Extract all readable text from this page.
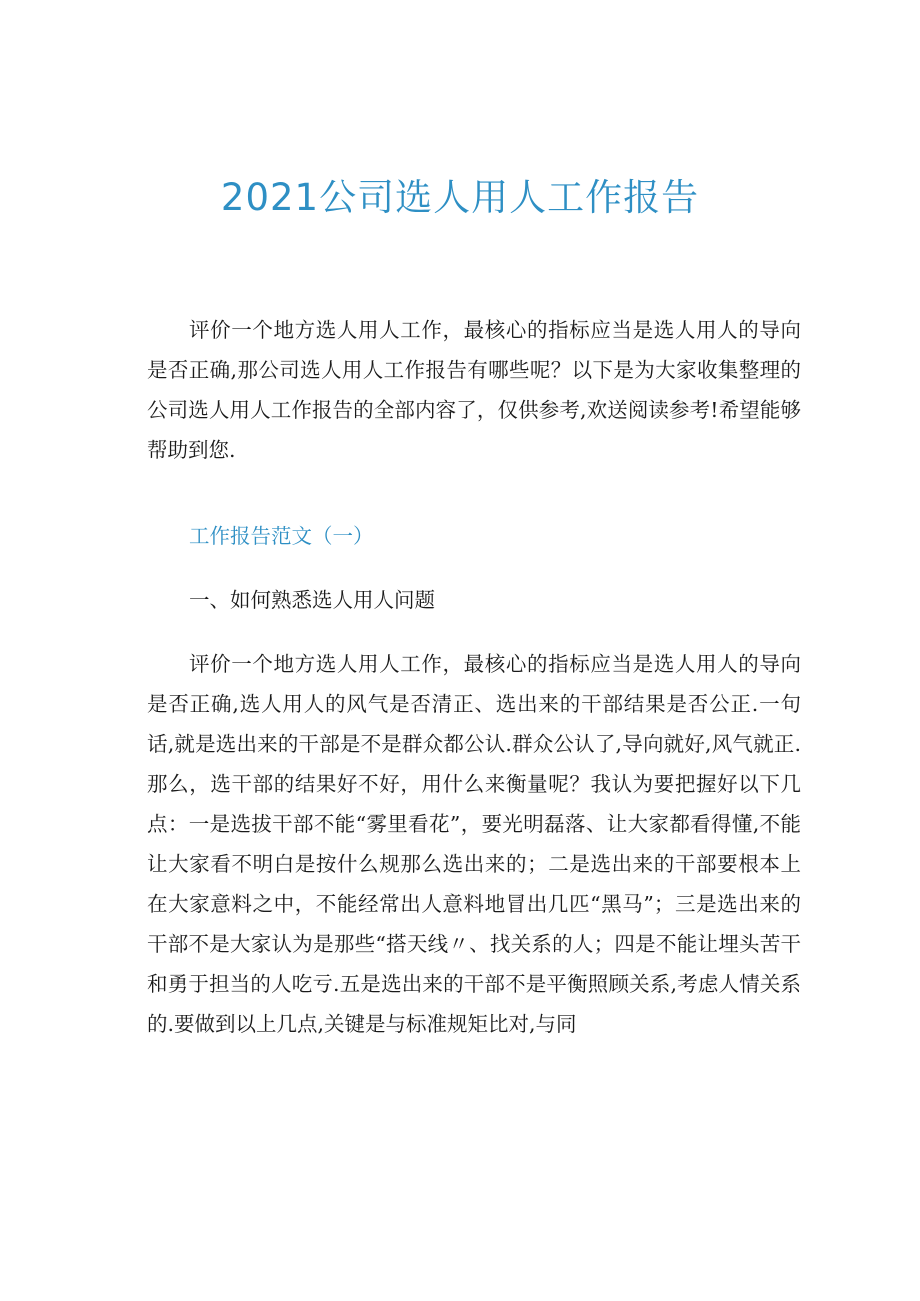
2021公司选人用人工作报告

评价一个地方选人用人工作，最核心的指标应当是选人用人的导向是否正确,那公司选人用人工作报告有哪些呢？以下是为大家收集整理的公司选人用人工作报告的全部内容了，仅供参考,欢送阅读参考!希望能够帮助到您.

工作报告范文（一）
一、如何熟悉选人用人问题

评价一个地方选人用人工作，最核心的指标应当是选人用人的导向是否正确,选人用人的风气是否清正、选出来的干部结果是否公正.一句话,就是选出来的干部是不是群众都公认.群众公认了,导向就好,风气就正.那么，选干部的结果好不好，用什么来衡量呢？我认为要把握好以下几点：一是选拔干部不能“雾里看花”，要光明磊落、让大家都看得懂,不能让大家看不明白是按什么规那么选出来的；二是选出来的干部要根本上在大家意料之中，不能经常出人意料地冒出几匹“黑马”；三是选出来的干部不是大家认为是那些“搭天线〃、找关系的人；四是不能让埋头苦干和勇于担当的人吃亏.五是选出来的干部不是平衡照顾关系,考虑人情关系的.要做到以上几点,关键是与标准规矩比对,与同
